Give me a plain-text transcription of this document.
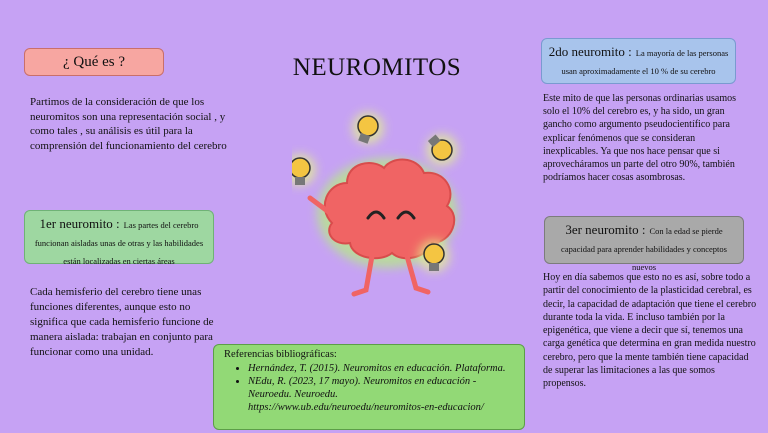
NEUROMITOS
¿ Qué es ?
Partimos de la consideración de que los neuromitos son una representación social , y como tales , su análisis es útil para la comprensión del funcionamiento del cerebro
1er neuromito : Las partes del cerebro funcionan aisladas unas de otras y las habilidades están localizadas en ciertas áreas
Cada hemisferio del cerebro tiene unas funciones diferentes, aunque esto no significa que cada hemisferio funcione de manera aislada: trabajan en conjunto para funcionar como una unidad.
2do neuromito : La mayoría de las personas usan aproximadamente el 10 % de su cerebro
Este mito de que las personas ordinarias usamos solo el 10% del cerebro es, y ha sido, un gran gancho como argumento pseudocientífico para explicar fenómenos que se consideran inexplicables. Ya que nos hace pensar que si aprovecháramos un parte del otro 90%, también podríamos hacer cosas asombrosas.
3er neuromito : Con la edad se pierde capacidad para aprender habilidades y conceptos nuevos
Hoy en día sabemos que esto no es así, sobre todo a partir del conocimiento de la plasticidad cerebral, es decir, la capacidad de adaptación que tiene el cerebro durante toda la vida. E incluso también por la epigenética, que viene a decir que sí, tenemos una carga genética que determina en gran medida nuestro cerebro, pero que la mente también tiene capacidad de superar las limitaciones a las que somos propensos.
Referencias bibliográficas:
• Hernández, T. (2015). Neuromitos en educación. Plataforma.
• NEdu, R. (2023, 17 mayo). Neuromitos en educación - Neuroedu. Neuroedu. https://www.ub.edu/neuroedu/neuromitos-en-educacion/
